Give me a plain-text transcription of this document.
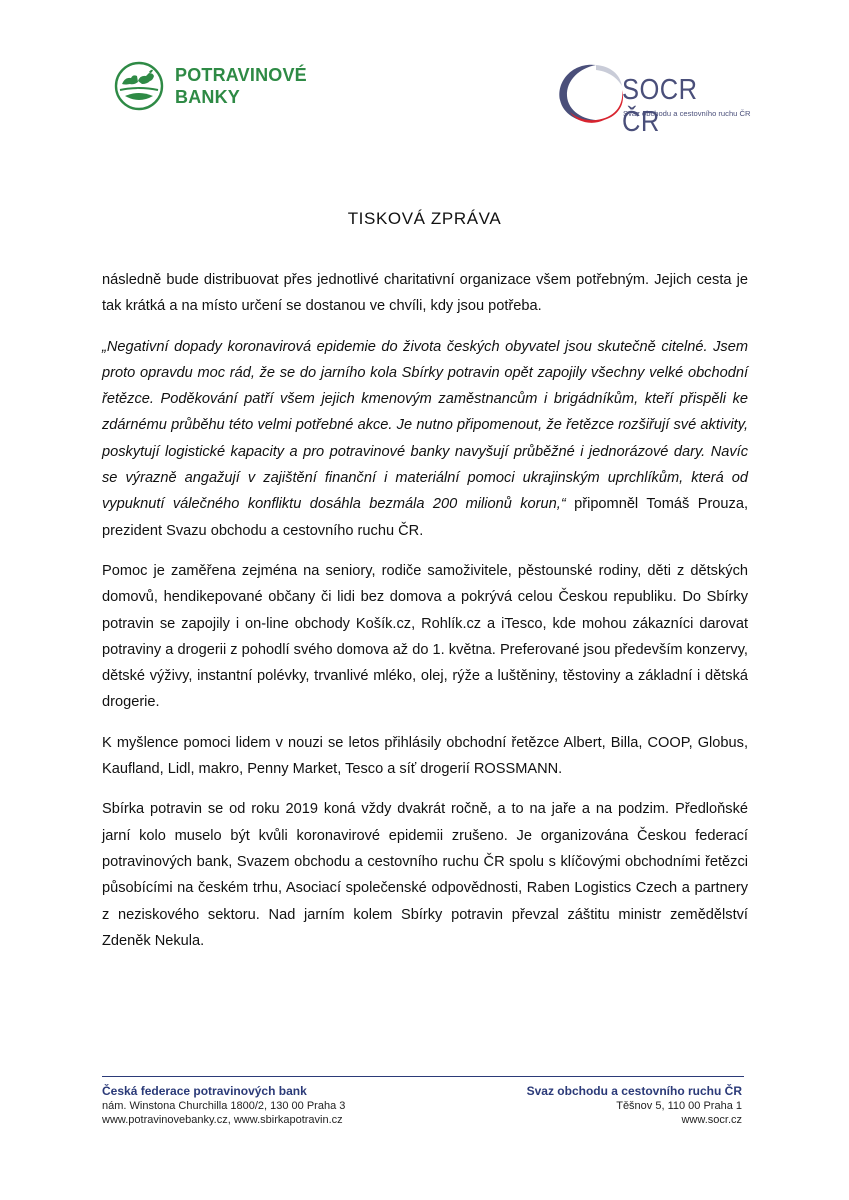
POTRAVINOVÉ
BANKY	SOCR ČR
Svaz obchodu a cestovního ruchu ČR
TISKOVÁ ZPRÁVA

následně bude distribuovat přes jednotlivé charitativní organizace všem potřebným. Jejich cesta je tak krátká a na místo určení se dostanou ve chvíli, kdy jsou potřeba.

„Negativní dopady koronavirová epidemie do života českých obyvatel jsou skutečně citelné. Jsem proto opravdu moc rád, že se do jarního kola Sbírky potravin opět zapojily všechny velké obchodní řetězce. Poděkování patří všem jejich kmenovým zaměstnancům i brigádníkům, kteří přispěli ke zdárnému průběhu této velmi potřebné akce. Je nutno připomenout, že řetězce rozšiřují své aktivity, poskytují logistické kapacity a pro potravinové banky navyšují průběžné i jednorázové dary. Navíc se výrazně angažují v zajištění finanční i materiální pomoci ukrajinským uprchlíkům, která od vypuknutí válečného konfliktu dosáhla bezmála 200 milionů korun,“ připomněl Tomáš Prouza, prezident Svazu obchodu a cestovního ruchu ČR.

Pomoc je zaměřena zejména na seniory, rodiče samoživitele, pěstounské rodiny, děti z dětských domovů, hendikepované občany či lidi bez domova a pokrývá celou Českou republiku. Do Sbírky potravin se zapojily i on-line obchody Košík.cz, Rohlík.cz a iTesco, kde mohou zákazníci darovat potraviny a drogerii z pohodlí svého domova až do 1. května. Preferované jsou především konzervy, dětské výživy, instantní polévky, trvanlivé mléko, olej, rýže a luštěniny, těstoviny a základní i dětská drogerie.

K myšlence pomoci lidem v nouzi se letos přihlásily obchodní řetězce Albert, Billa, COOP, Globus, Kaufland, Lidl, makro, Penny Market, Tesco a síť drogerií ROSSMANN.

Sbírka potravin se od roku 2019 koná vždy dvakrát ročně, a to na jaře a na podzim. Předloňské jarní kolo muselo být kvůli koronavirové epidemii zrušeno. Je organizována Českou federací potravinových bank, Svazem obchodu a cestovního ruchu ČR spolu s klíčovými obchodními řetězci působícími na českém trhu, Asociací společenské odpovědnosti, Raben Logistics Czech a partnery z neziskového sektoru. Nad jarním kolem Sbírky potravin převzal záštitu ministr zemědělství Zdeněk Nekula.

Česká federace potravinových bank
nám. Winstona Churchilla 1800/2, 130 00 Praha 3
www.potravinovebanky.cz, www.sbirkapotravin.cz
Svaz obchodu a cestovního ruchu ČR
Těšnov 5, 110 00 Praha 1
www.socr.cz
